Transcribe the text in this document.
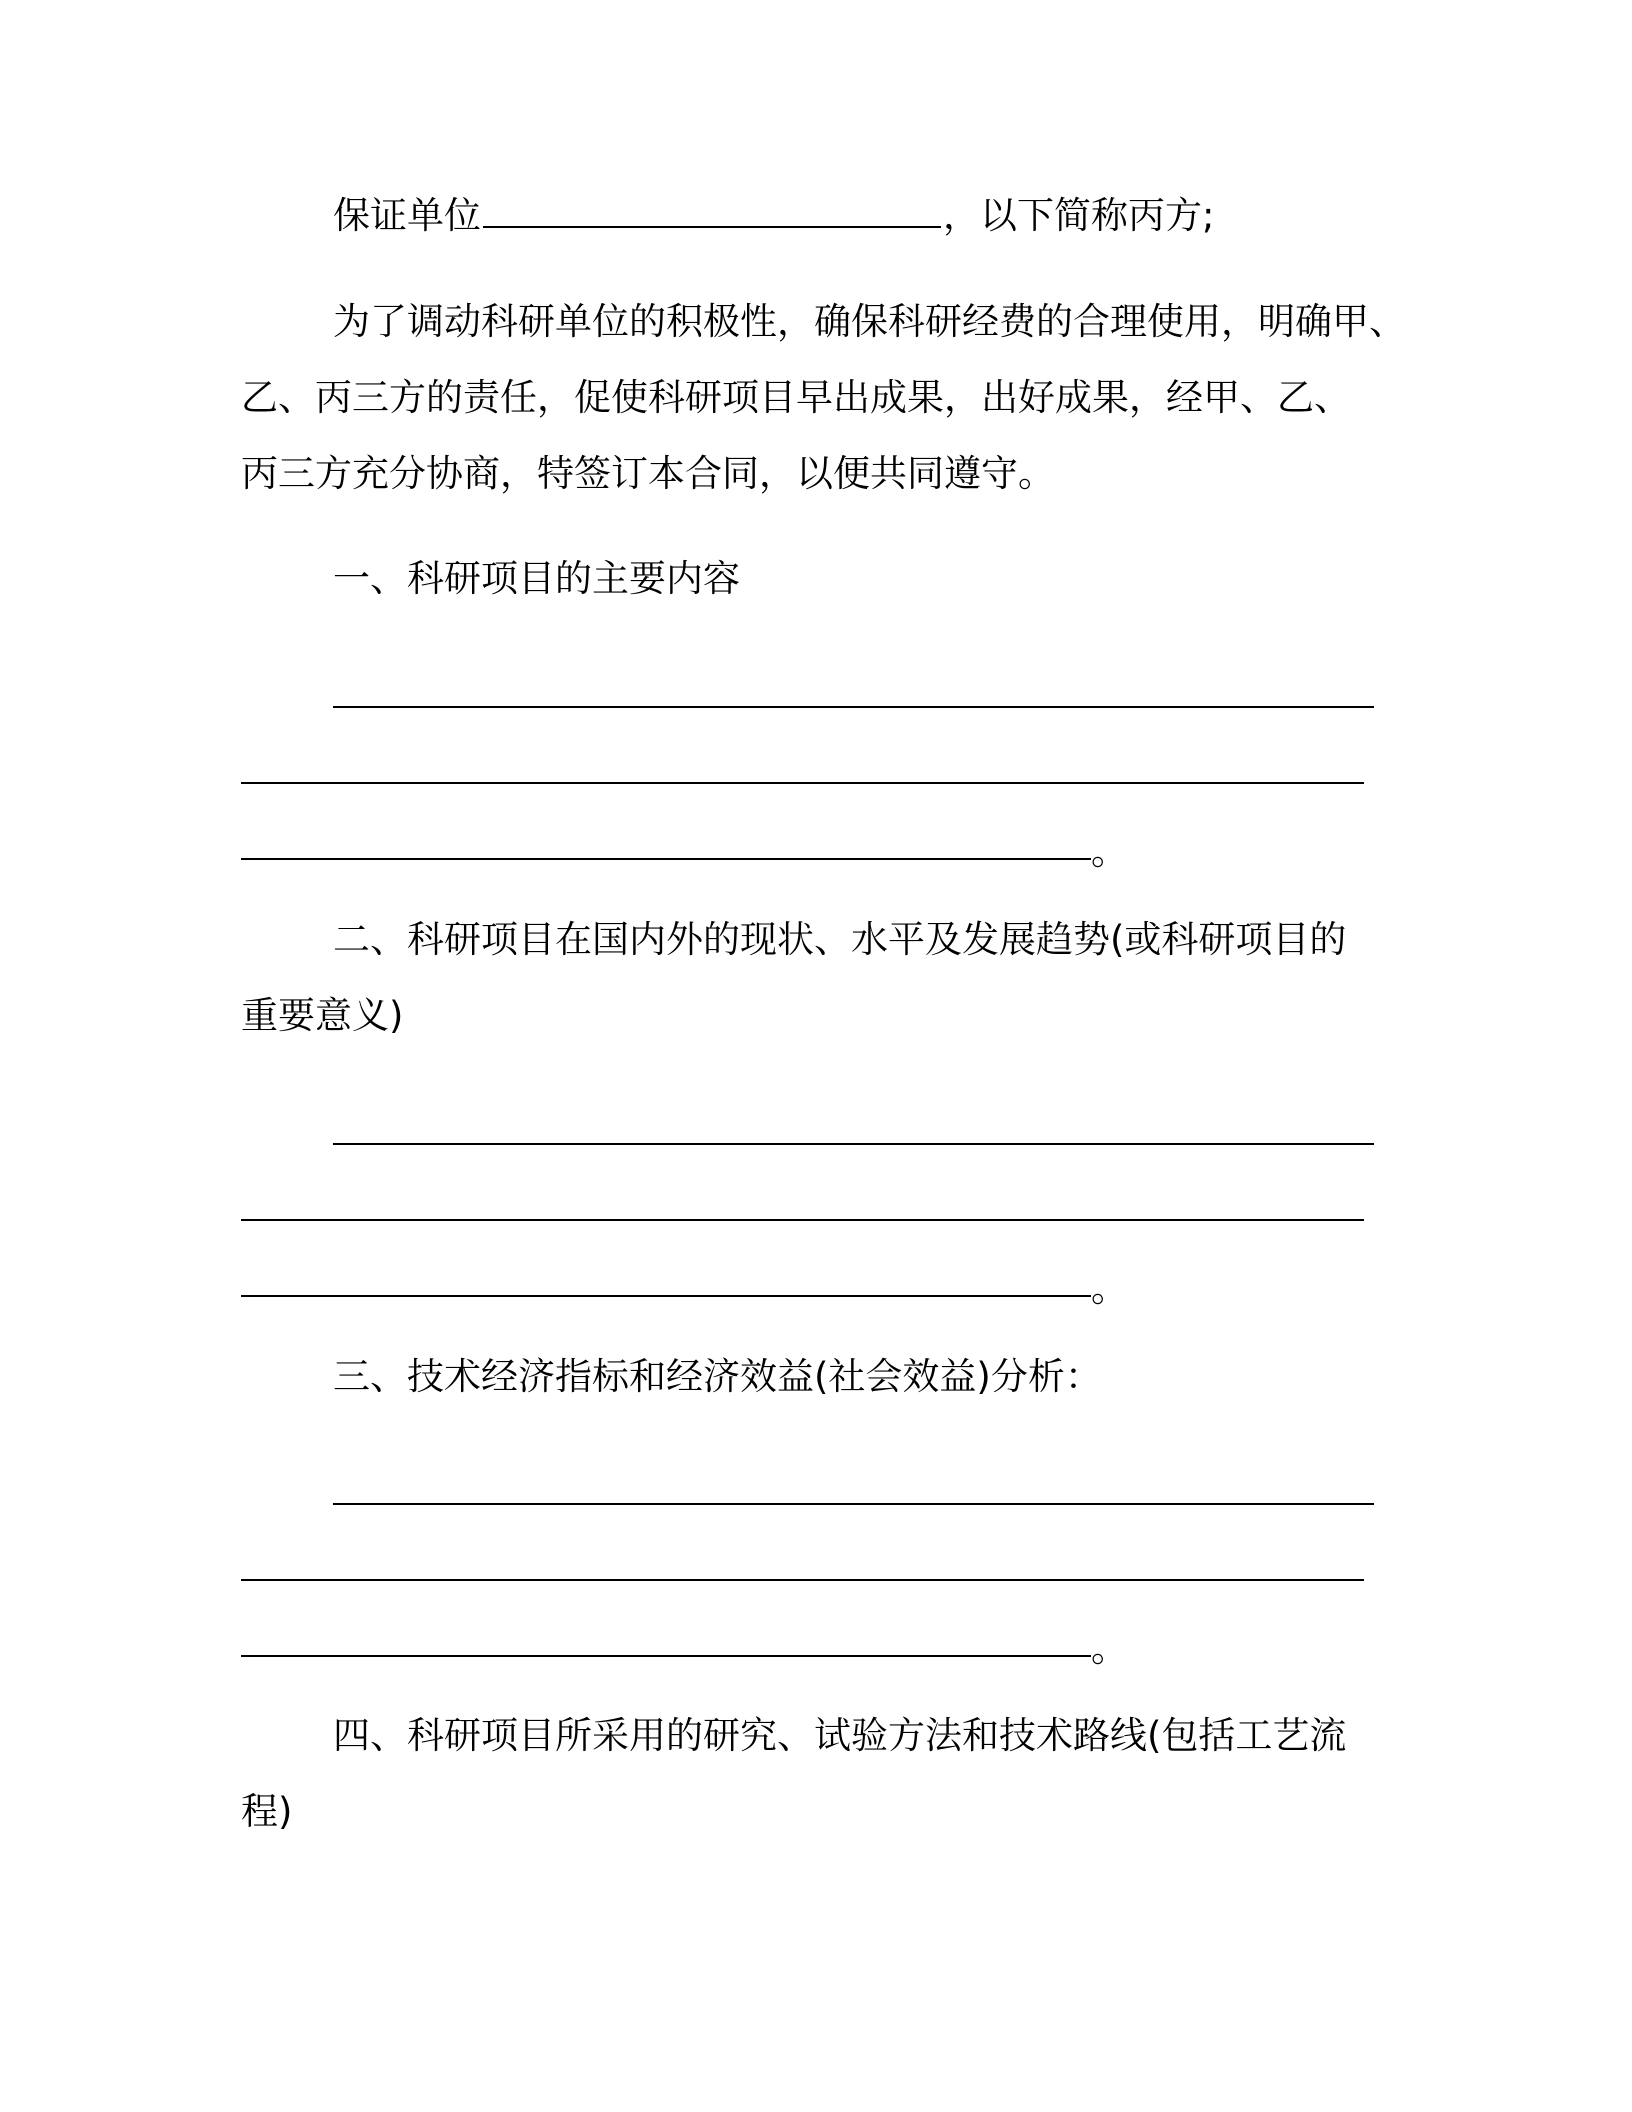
保证单位	，以下简称丙方;
为了调动科研单位的积极性，确保科研经费的合理使用，明确甲、
乙、丙三方的责任，促使科研项目早出成果，出好成果，经甲、乙、
丙三方充分协商，特签订本合同，以便共同遵守。
一、科研项目的主要内容
。
二、科研项目在国内外的现状、水平及发展趋势(或科研项目的
重要意义)
。
三、技术经济指标和经济效益(社会效益)分析：
。
四、科研项目所采用的研究、试验方法和技术路线(包括工艺流
程)
